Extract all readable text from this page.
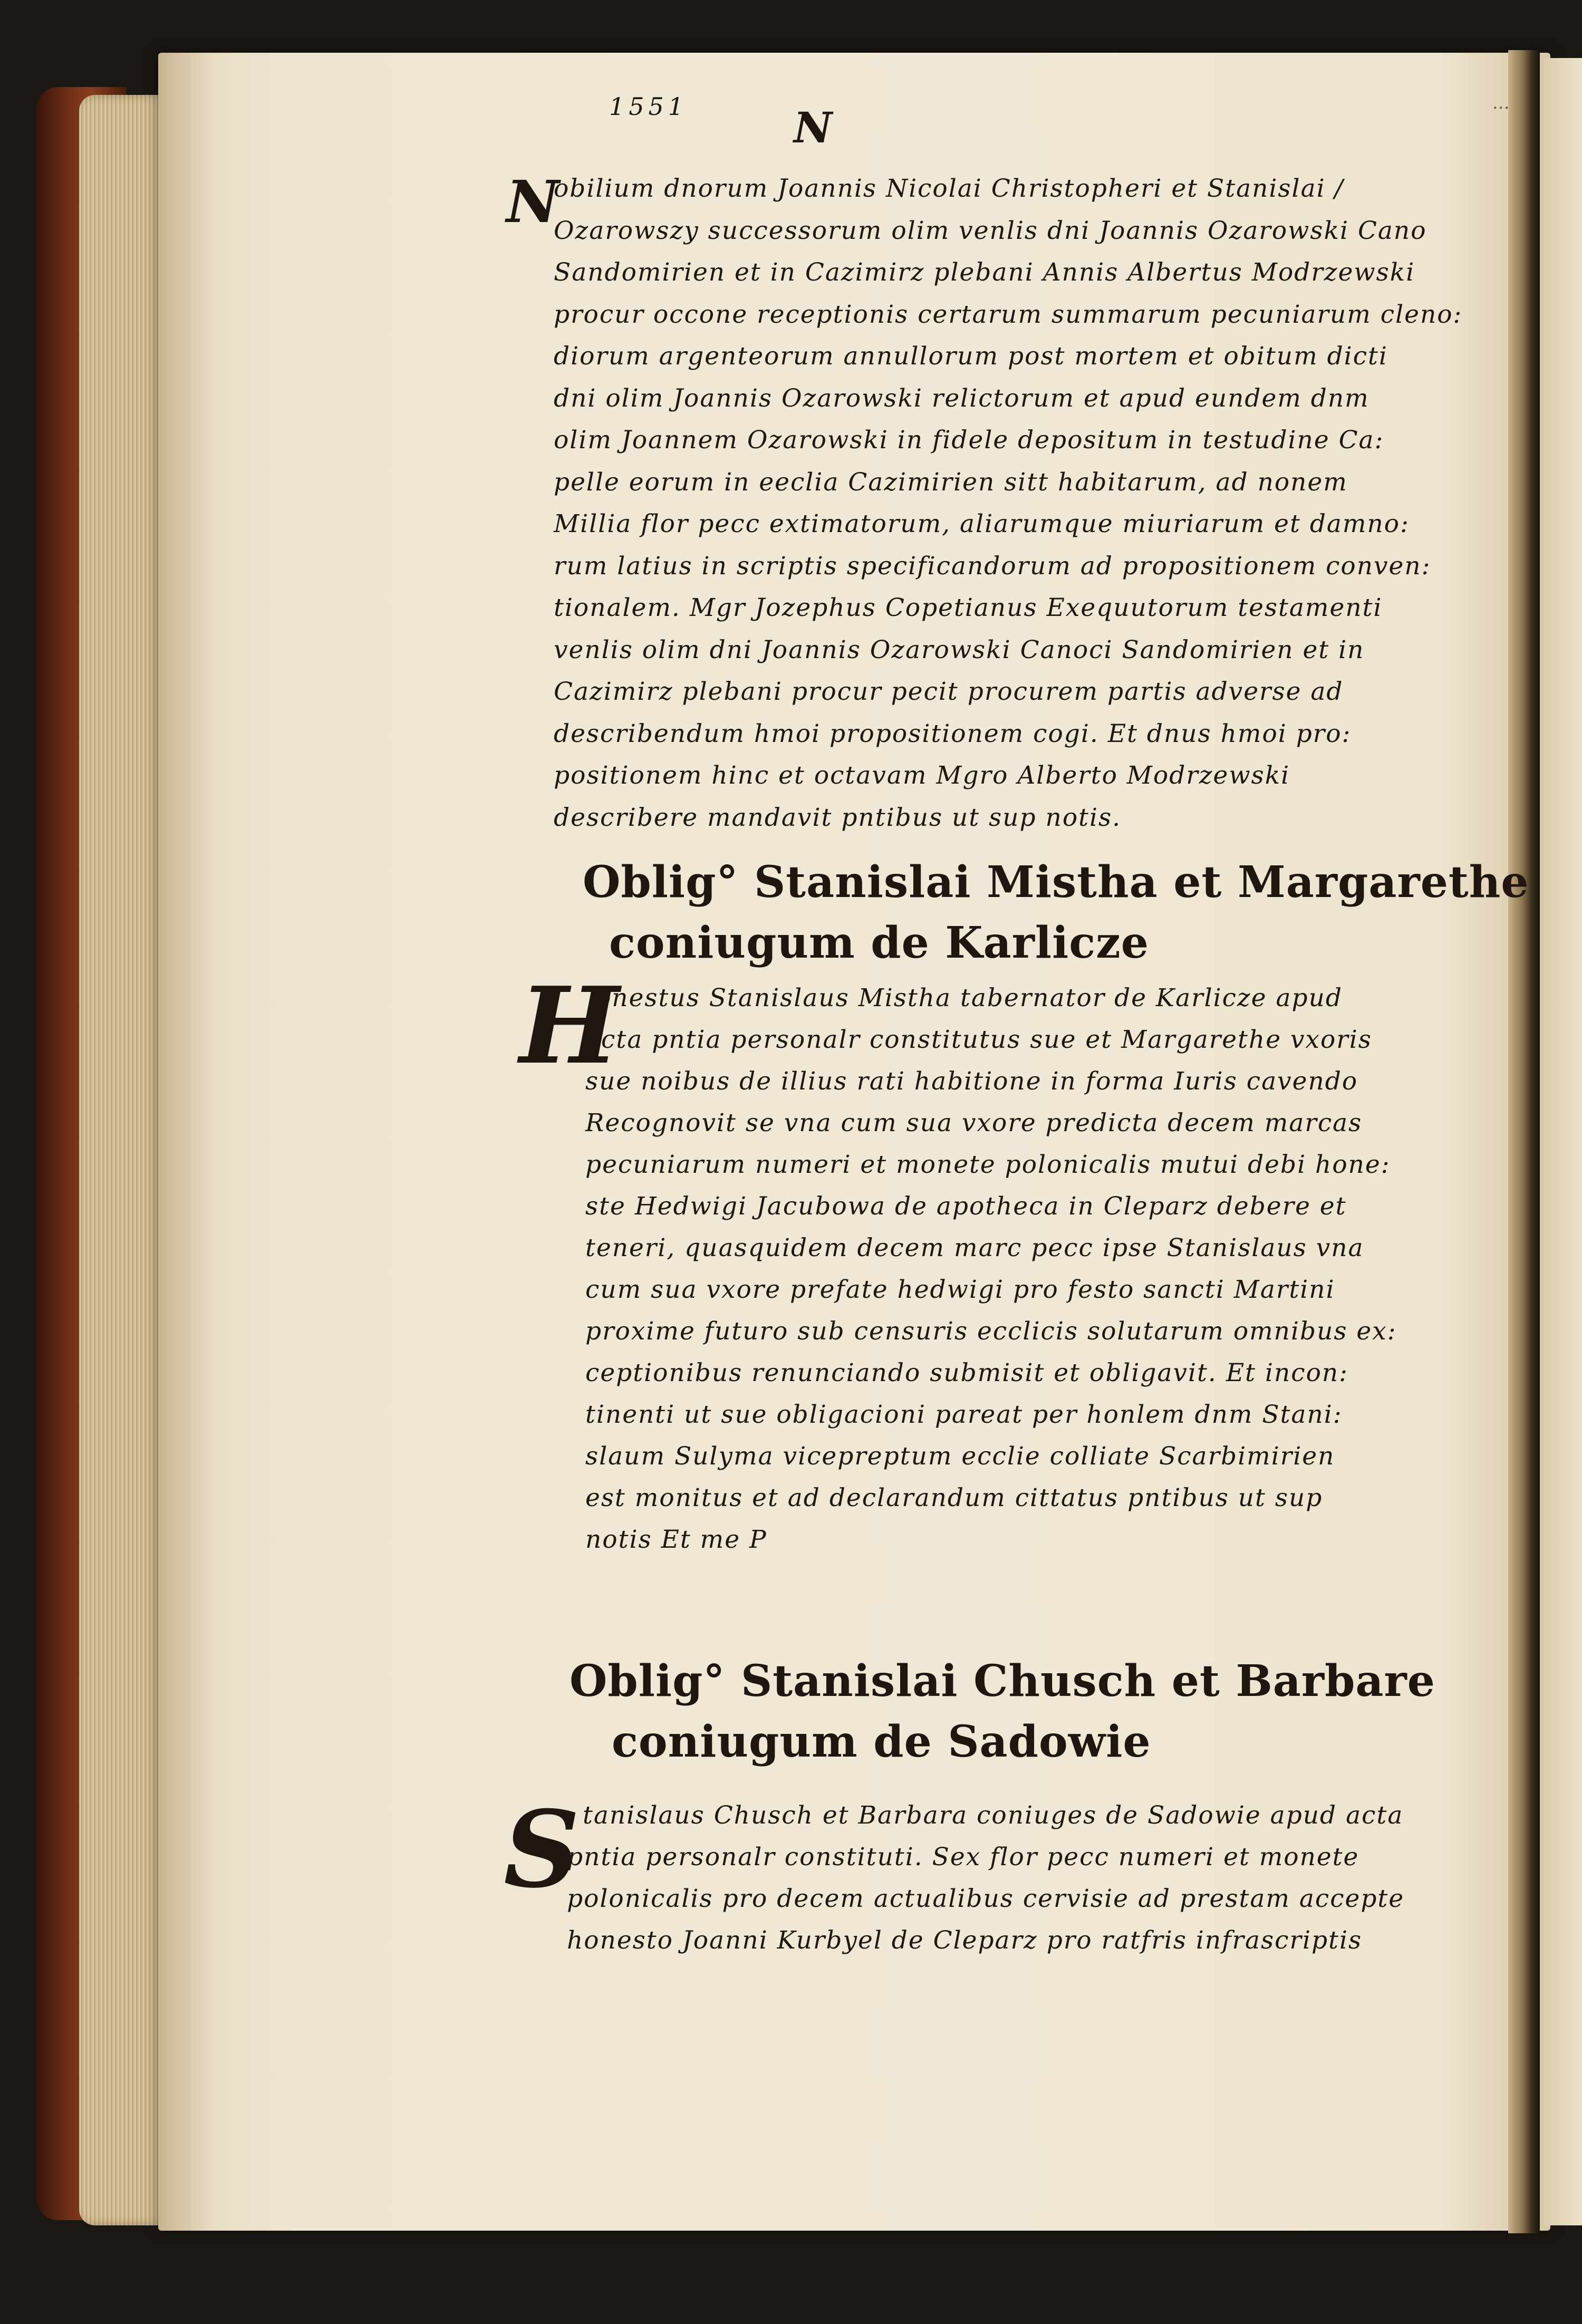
1551	...
N
N
obilium dnorum Joannis Nicolai Christopheri et Stanislai /
Ozarowszy successorum olim venlis dni Joannis Ozarowski Cano
Sandomirien et in Cazimirz plebani Annis Albertus Modrzewski
procur occone receptionis certarum summarum pecuniarum cleno:
diorum argenteorum annullorum post mortem et obitum dicti
dni olim Joannis Ozarowski relictorum et apud eundem dnm
olim Joannem Ozarowski in fidele depositum in testudine Ca:
pelle eorum in eeclia Cazimirien sitt habitarum, ad nonem
Millia flor pecc extimatorum, aliarumque miuriarum et damno:
rum latius in scriptis specificandorum ad propositionem conven:
tionalem. Mgr Jozephus Copetianus Exequutorum testamenti
venlis olim dni Joannis Ozarowski Canoci Sandomirien et in
Cazimirz plebani procur pecit procurem partis adverse ad
describendum hmoi propositionem cogi. Et dnus hmoi pro:
positionem hinc et octavam Mgro Alberto Modrzewski
describere mandavit pntibus ut sup notis.
Oblig° Stanislai Mistha et Margarethe
coniugum de Karlicze
H
onestus Stanislaus Mistha tabernator de Karlicze apud
acta pntia personalr constitutus sue et Margarethe vxoris
sue noibus de illius rati habitione in forma Iuris cavendo
Recognovit se vna cum sua vxore predicta decem marcas
pecuniarum numeri et monete polonicalis mutui debi hone:
ste Hedwigi Jacubowa de apotheca in Cleparz debere et
teneri, quasquidem decem marc pecc ipse Stanislaus vna
cum sua vxore prefate hedwigi pro festo sancti Martini
proxime futuro sub censuris ecclicis solutarum omnibus ex:
ceptionibus renunciando submisit et obligavit. Et incon:
tinenti ut sue obligacioni pareat per honlem dnm Stani:
slaum Sulyma vicepreptum ecclie colliate Scarbimirien
est monitus et ad declarandum cittatus pntibus ut sup
notis Et me P
Oblig° Stanislai Chusch et Barbare
coniugum de Sadowie
S tanislaus Chusch et Barbara coniuges de Sadowie apud acta
pntia personalr constituti. Sex flor pecc numeri et monete
polonicalis pro decem actualibus cervisie ad prestam accepte
honesto Joanni Kurbyel de Cleparz pro ratfris infrascriptis
